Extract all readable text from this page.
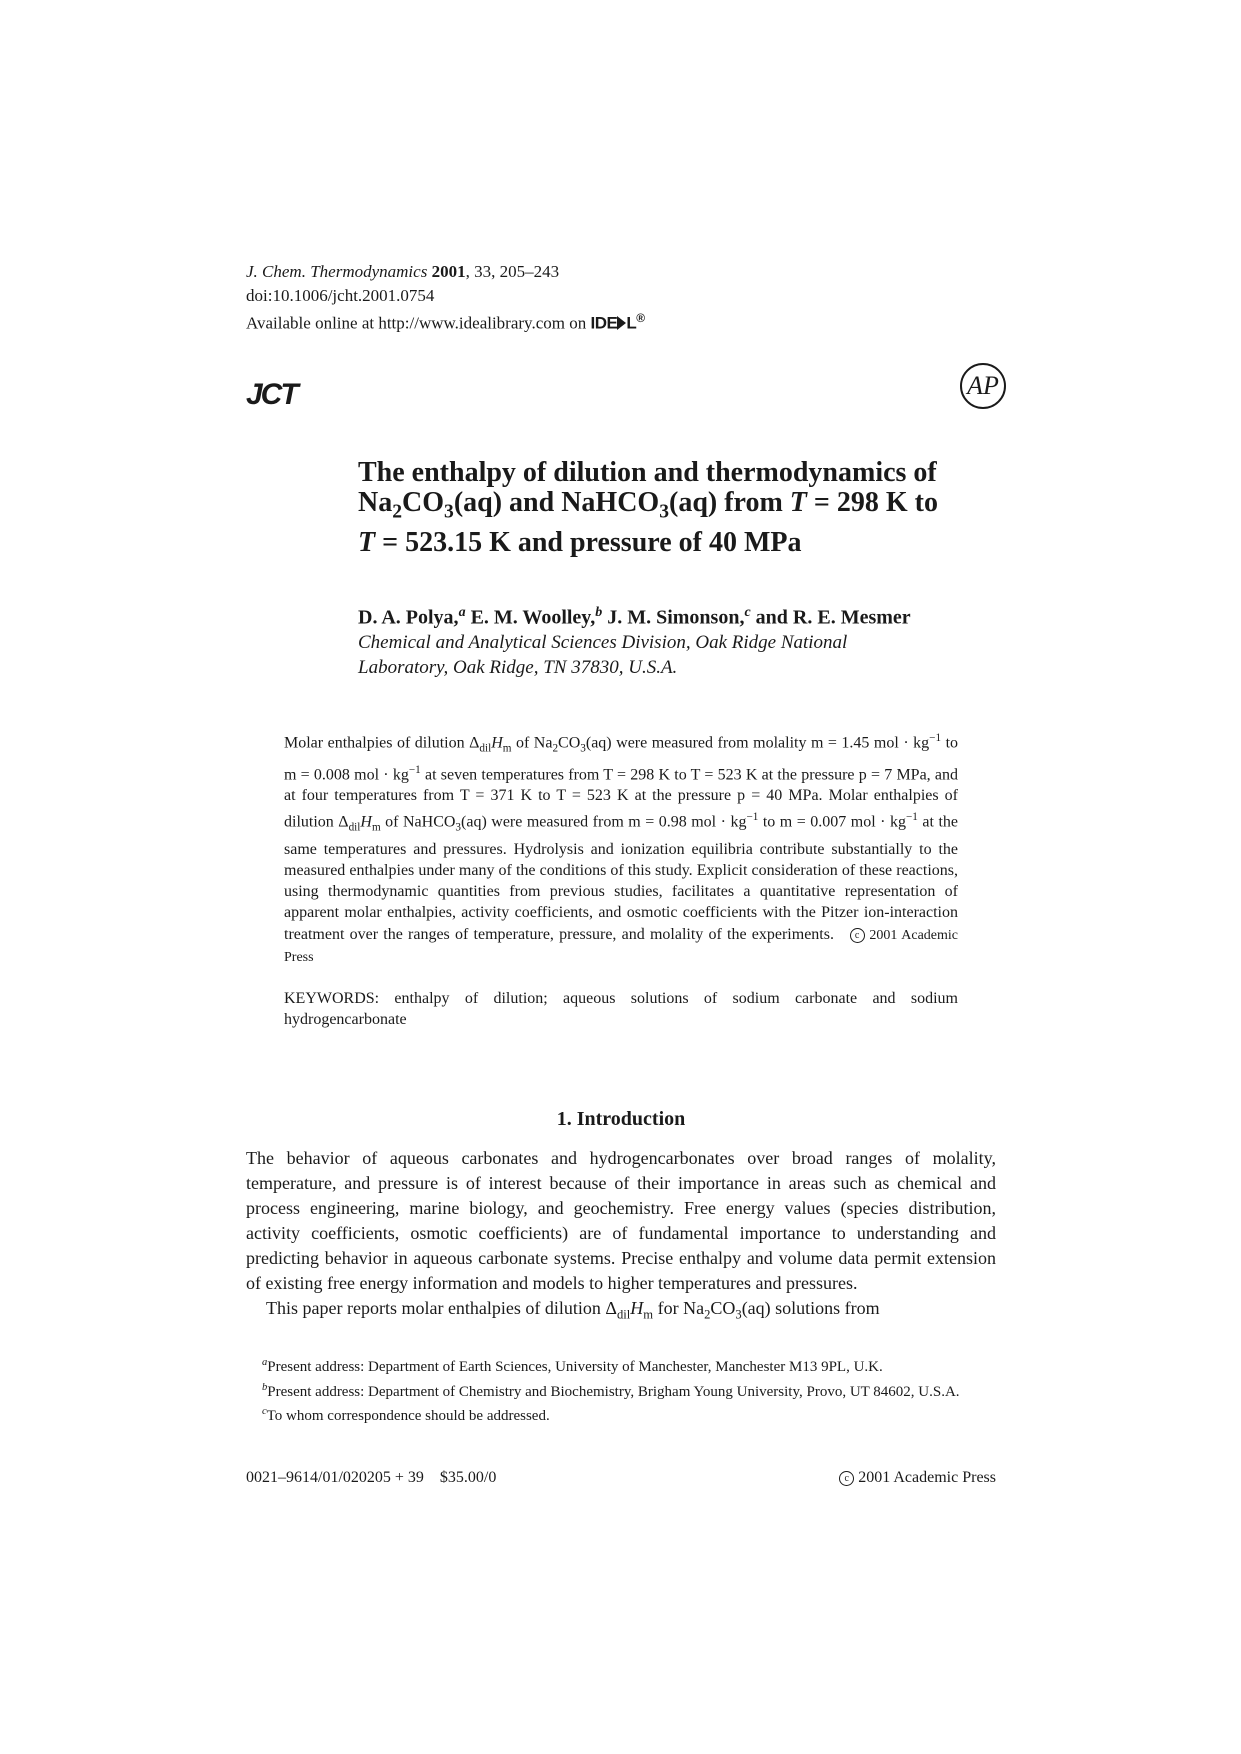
J. Chem. Thermodynamics 2001, 33, 205–243
doi:10.1006/jcht.2001.0754
Available online at http://www.idealibrary.com on IDE L®
JCT	AP
The enthalpy of dilution and thermodynamics of
$Na_2CO_3(aq)$ and NaHCO$_3$(aq) from T = 298 K to
T = 523.15 K and pressure of 40 MPa
D. A. Polya,$^a$ E. M. Woolley,$^b$ J. M. Simonson,$^c$ and R. E. Mesmer
Chemical and Analytical Sciences Division, Oak Ridge National
Laboratory, Oak Ridge, TN 37830, U.S.A.
Molar enthalpies of dilution $\Delta_{dil}H_m$ of $Na_2CO_3(aq)$ were measured from molality m = 1.45 mol · $kg^{-1}$ to m = 0.008 mol · $kg^{-1}$ at seven temperatures from T = 298 K to T = 523 K at the pressure p = 7 MPa, and at four temperatures from T = 371 K to T = 523 K at the pressure p = 40 MPa. Molar enthalpies of dilution $\Delta_{dil}H_m$ of NaHCO$_3$(aq) were measured from m = 0.98 mol · $kg^{-1}$ to m = 0.007 mol · $kg^{-1}$ at the same temperatures and pressures. Hydrolysis and ionization equilibria contribute substantially to the measured enthalpies under many of the conditions of this study. Explicit consideration of these reactions, using thermodynamic quantities from previous studies, facilitates a quantitative representation of apparent molar enthalpies, activity coefficients, and osmotic coefficients with the Pitzer ion-interaction treatment over the ranges of temperature, pressure, and molality of the experiments. c 2001 Academic Press
KEYWORDS: enthalpy of dilution; aqueous solutions of sodium carbonate and sodium hydrogencarbonate
1. Introduction

The behavior of aqueous carbonates and hydrogencarbonates over broad ranges of molality, temperature, and pressure is of interest because of their importance in areas such as chemical and process engineering, marine biology, and geochemistry. Free energy values (species distribution, activity coefficients, osmotic coefficients) are of fundamental importance to understanding and predicting behavior in aqueous carbonate systems. Precise enthalpy and volume data permit extension of existing free energy information and models to higher temperatures and pressures.

This paper reports molar enthalpies of dilution $\Delta_{dil}H_m$ for $Na_2CO_3(aq)$ solutions from

$^a$Present address: Department of Earth Sciences, University of Manchester, Manchester M13 9PL, U.K.
$^b$Present address: Department of Chemistry and Biochemistry, Brigham Young University, Provo, UT 84602, U.S.A.
$^c$To whom correspondence should be addressed.
0021–9614/01/020205 + 39    $35.00/0	c 2001 Academic Press
